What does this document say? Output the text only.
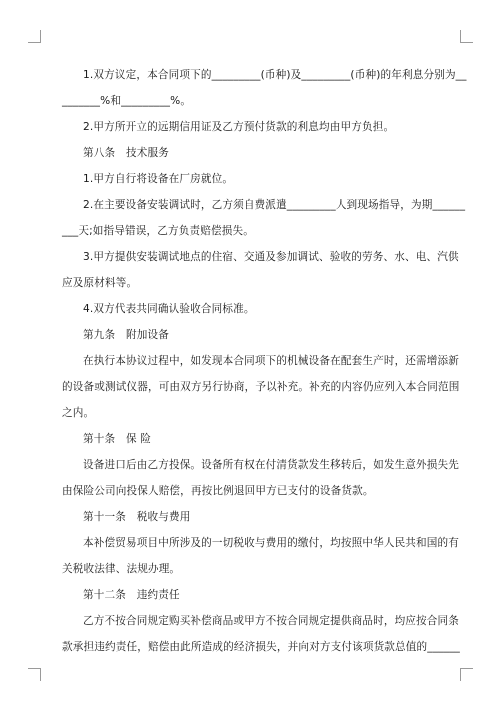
1.双方议定，本合同项下的_________(币种)及_________(币种)的年利息分别为__
_______%和_________%。
2.甲方所开立的远期信用证及乙方预付货款的利息均由甲方负担。
第八条　技术服务
1.甲方自行将设备在厂房就位。
2.在主要设备安装调试时，乙方须自费派遣_________人到现场指导，为期______
___天;如指导错误，乙方负责赔偿损失。
3.甲方提供安装调试地点的住宿、交通及参加调试、验收的劳务、水、电、汽供
应及原材料等。
4.双方代表共同确认验收合同标准。
第九条　附加设备
在执行本协议过程中，如发现本合同项下的机械设备在配套生产时，还需增添新
的设备或测试仪器，可由双方另行协商，予以补充。补充的内容仍应列入本合同范围
之内。
第十条　保 险
设备进口后由乙方投保。设备所有权在付清货款发生移转后，如发生意外损失先
由保险公司向投保人赔偿，再按比例退回甲方已支付的设备货款。
第十一条　税收与费用
本补偿贸易项目中所涉及的一切税收与费用的缴付，均按照中华人民共和国的有
关税收法律、法规办理。
第十二条　违约责任
乙方不按合同规定购买补偿商品或甲方不按合同规定提供商品时，均应按合同条
款承担违约责任，赔偿由此所造成的经济损失，并向对方支付该项货款总值的______
